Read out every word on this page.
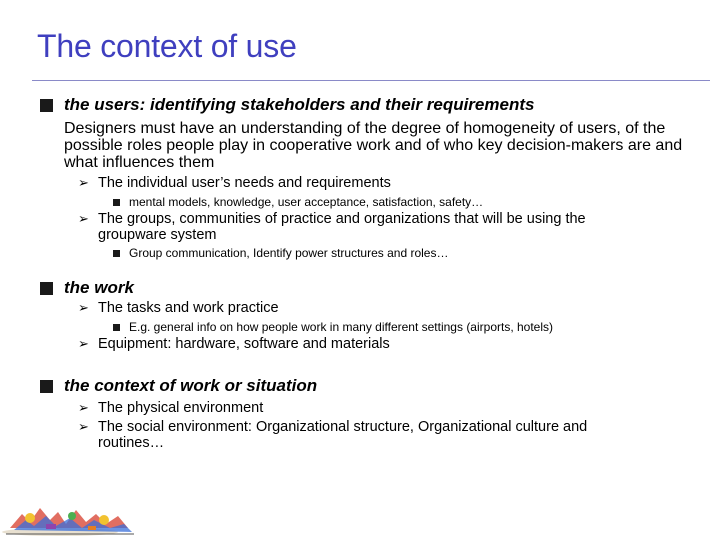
The context of use
the users: identifying stakeholders and their requirements
Designers must have an understanding of the degree of homogeneity of users, of the possible roles people play in cooperative work and of who key decision-makers are and what influences them
➢ The individual user’s needs and requirements
mental models, knowledge, user acceptance, satisfaction, safety…
➢ The groups, communities of practice and organizations that will be using the groupware system
Group communication, Identify power structures and roles…
the work
➢ The tasks and work practice
E.g. general info on how people work in many different settings (airports, hotels)
➢ Equipment: hardware, software and materials
the context of work or situation
➢ The physical environment
➢ The social environment: Organizational structure, Organizational culture and routines…
